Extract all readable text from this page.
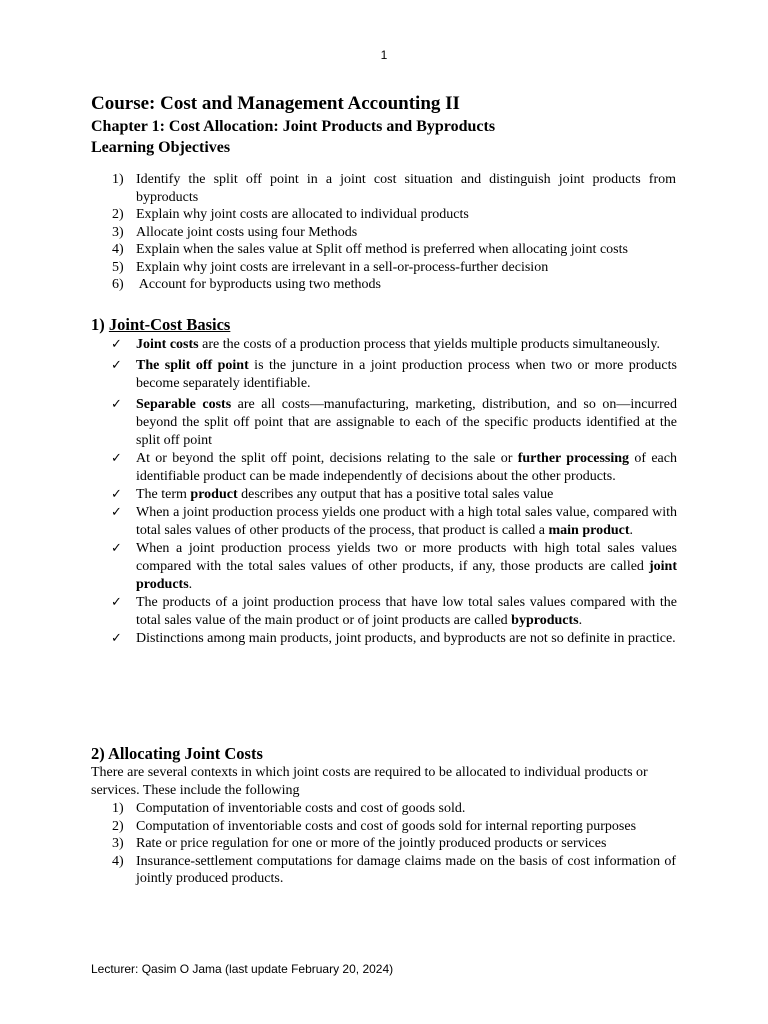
1
Course: Cost and Management Accounting II
Chapter 1: Cost Allocation: Joint Products and Byproducts
Learning Objectives
1) Identify the split off point in a joint cost situation and distinguish joint products from byproducts
2) Explain why joint costs are allocated to individual products
3) Allocate joint costs using four Methods
4) Explain when the sales value at Split off method is preferred when allocating joint costs
5) Explain why joint costs are irrelevant in a sell-or-process-further decision
6) Account for byproducts using two methods
1) Joint-Cost Basics
✓ Joint costs are the costs of a production process that yields multiple products simultaneously.
✓ The split off point is the juncture in a joint production process when two or more products become separately identifiable.
✓ Separable costs are all costs—manufacturing, marketing, distribution, and so on—incurred beyond the split off point that are assignable to each of the specific products identified at the split off point
✓ At or beyond the split off point, decisions relating to the sale or further processing of each identifiable product can be made independently of decisions about the other products.
✓ The term product describes any output that has a positive total sales value
✓ When a joint production process yields one product with a high total sales value, compared with total sales values of other products of the process, that product is called a main product.
✓ When a joint production process yields two or more products with high total sales values compared with the total sales values of other products, if any, those products are called joint products.
✓ The products of a joint production process that have low total sales values compared with the total sales value of the main product or of joint products are called byproducts.
✓ Distinctions among main products, joint products, and byproducts are not so definite in practice.
2) Allocating Joint Costs
There are several contexts in which joint costs are required to be allocated to individual products or services. These include the following
1) Computation of inventoriable costs and cost of goods sold.
2) Computation of inventoriable costs and cost of goods sold for internal reporting purposes
3) Rate or price regulation for one or more of the jointly produced products or services
4) Insurance-settlement computations for damage claims made on the basis of cost information of jointly produced products.
Lecturer: Qasim O Jama (last update February 20, 2024)
